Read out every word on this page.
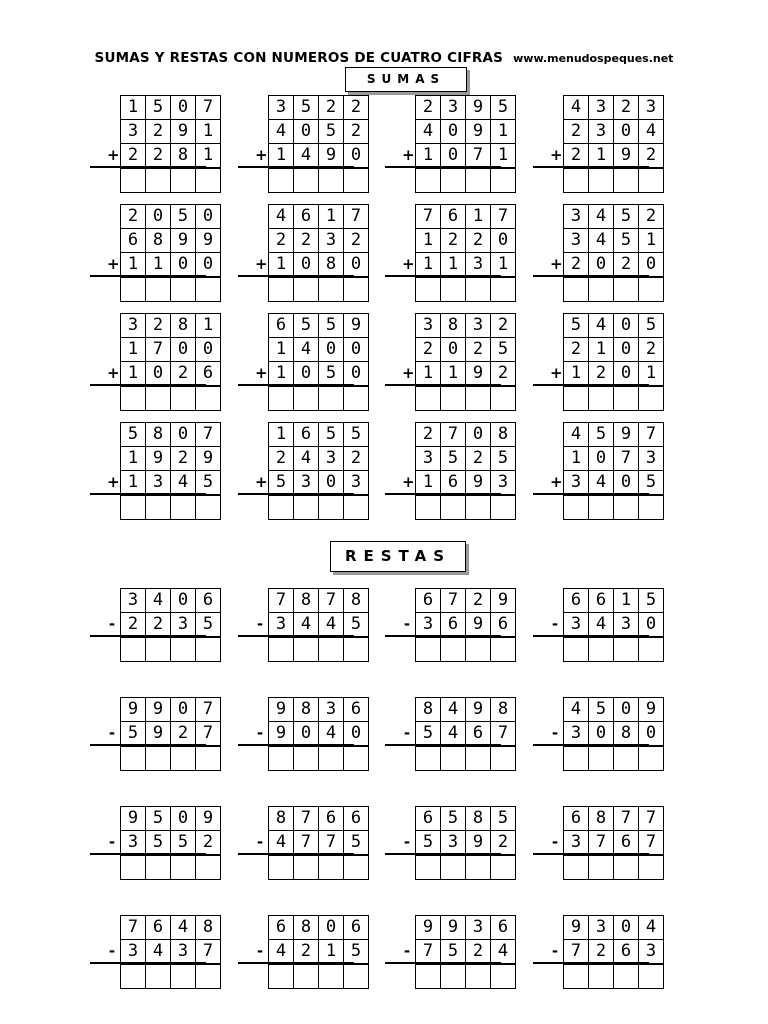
SUMAS Y RESTAS CON NUMEROS DE CUATRO CIFRAS www.menudospeques.net
SUMAS
RESTAS
1 5 0 7
3 2 9 1
+ 2 2 8 1
3 5 2 2
4 0 5 2
+ 1 4 9 0
2 3 9 5
4 0 9 1
+ 1 0 7 1
4 3 2 3
2 3 0 4
+ 2 1 9 2
2 0 5 0
6 8 9 9
+ 1 1 0 0
4 6 1 7
2 2 3 2
+ 1 0 8 0
7 6 1 7
1 2 2 0
+ 1 1 3 1
3 4 5 2
3 4 5 1
+ 2 0 2 0
3 2 8 1
1 7 0 0
+ 1 0 2 6
6 5 5 9
1 4 0 0
+ 1 0 5 0
3 8 3 2
2 0 2 5
+ 1 1 9 2
5 4 0 5
2 1 0 2
+ 1 2 0 1
5 8 0 7
1 9 2 9
+ 1 3 4 5
1 6 5 5
2 4 3 2
+ 5 3 0 3
2 7 0 8
3 5 2 5
+ 1 6 9 3
4 5 9 7
1 0 7 3
+ 3 4 0 5
3 4 0 6
- 2 2 3 5
7 8 7 8
- 3 4 4 5
6 7 2 9
- 3 6 9 6
6 6 1 5
- 3 4 3 0
9 9 0 7
- 5 9 2 7
9 8 3 6
- 9 0 4 0
8 4 9 8
- 5 4 6 7
4 5 0 9
- 3 0 8 0
9 5 0 9
- 3 5 5 2
8 7 6 6
- 4 7 7 5
6 5 8 5
- 5 3 9 2
6 8 7 7
- 3 7 6 7
7 6 4 8
- 3 4 3 7
6 8 0 6
- 4 2 1 5
9 9 3 6
- 7 5 2 4
9 3 0 4
- 7 2 6 3
